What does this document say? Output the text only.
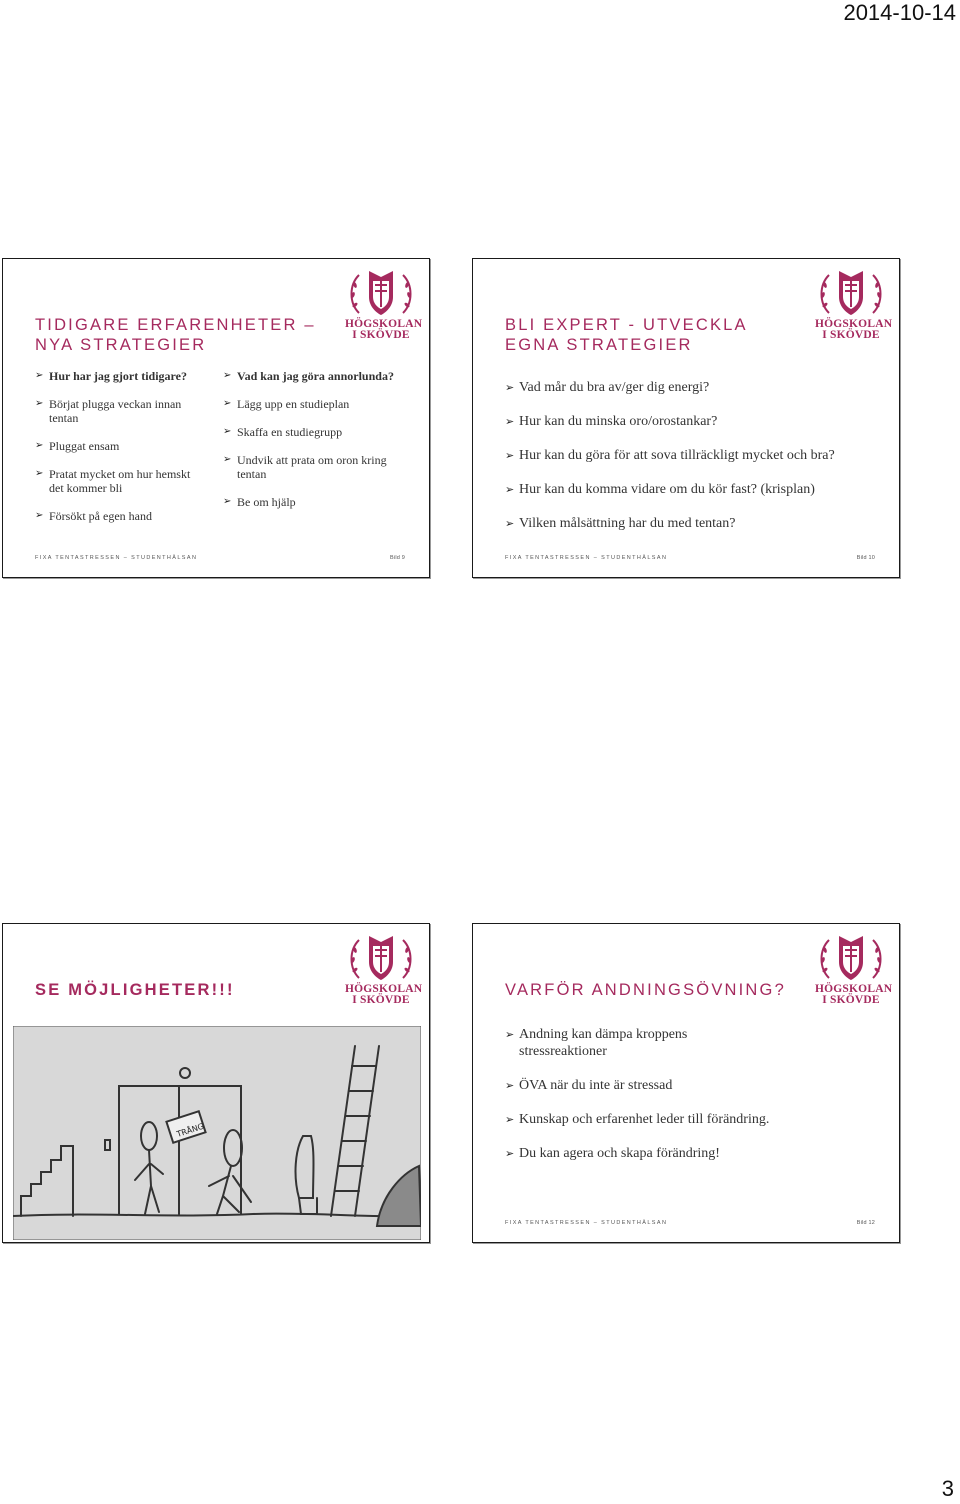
2014-10-14
TIDIGARE ERFARENHETER – NYA STRATEGIER
HÖGSKOLAN
I SKÖVDE
➢ Hur har jag gjort tidigare?
➢ Börjat plugga veckan innan tentan
➢ Pluggat ensam
➢ Pratat mycket om hur hemskt det kommer bli
➢ Försökt på egen hand
➢ Vad kan jag göra annorlunda?
➢ Lägg upp en studieplan
➢ Skaffa en studiegrupp
➢ Undvik att prata om oron kring tentan
➢ Be om hjälp
FIXA TENTASTRESSEN – STUDENTHÄLSAN	Bild 9
BLI EXPERT - UTVECKLA EGNA STRATEGIER
HÖGSKOLAN
I SKÖVDE
➢ Vad mår du bra av/ger dig energi?
➢ Hur kan du minska oro/orostankar?
➢ Hur kan du göra för att sova tillräckligt mycket och bra?
➢ Hur kan du komma vidare om du kör fast? (krisplan)
➢ Vilken målsättning har du med tentan?
FIXA TENTASTRESSEN – STUDENTHÄLSAN	Bild 10
SE MÖJLIGHETER!!!	HÖGSKOLAN
I SKÖVDE
TRÅNG
VARFÖR ANDNINGSÖVNING?	HÖGSKOLAN
I SKÖVDE
➢ Andning kan dämpa kroppens stressreaktioner
➢ ÖVA när du inte är stressad
➢ Kunskap och erfarenhet leder till förändring.
➢ Du kan agera och skapa förändring!
FIXA TENTASTRESSEN – STUDENTHÄLSAN	Bild 12
3
